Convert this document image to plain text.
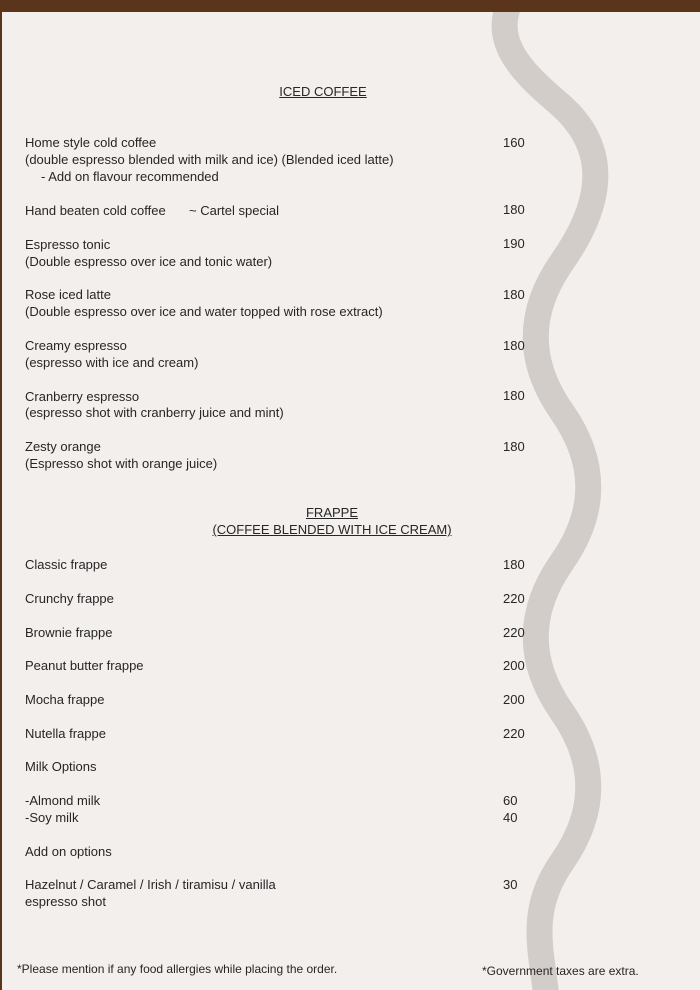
ICED COFFEE
Home style cold coffee	160
(double espresso blended with milk and ice) (Blended iced latte)
- Add on flavour recommended
Hand beaten cold coffee ~ Cartel special	180
Espresso tonic	190
(Double espresso over ice and tonic water)
Rose iced latte	180
(Double espresso over ice and water topped with rose extract)
Creamy espresso	180
(espresso with ice and cream)
Cranberry espresso	180
(espresso shot with cranberry juice and mint)
Zesty orange	180
(Espresso shot with orange juice)
FRAPPE
(COFFEE BLENDED WITH ICE CREAM)
Classic frappe	180
Crunchy frappe	220
Brownie frappe	220
Peanut butter frappe	200
Mocha frappe	200
Nutella frappe	220
Milk Options
-Almond milk	60
-Soy milk	40
Add on options
Hazelnut / Caramel / Irish / tiramisu / vanilla	30
espresso shot
*Please mention if any food allergies while placing the order.	*Government taxes are extra.
